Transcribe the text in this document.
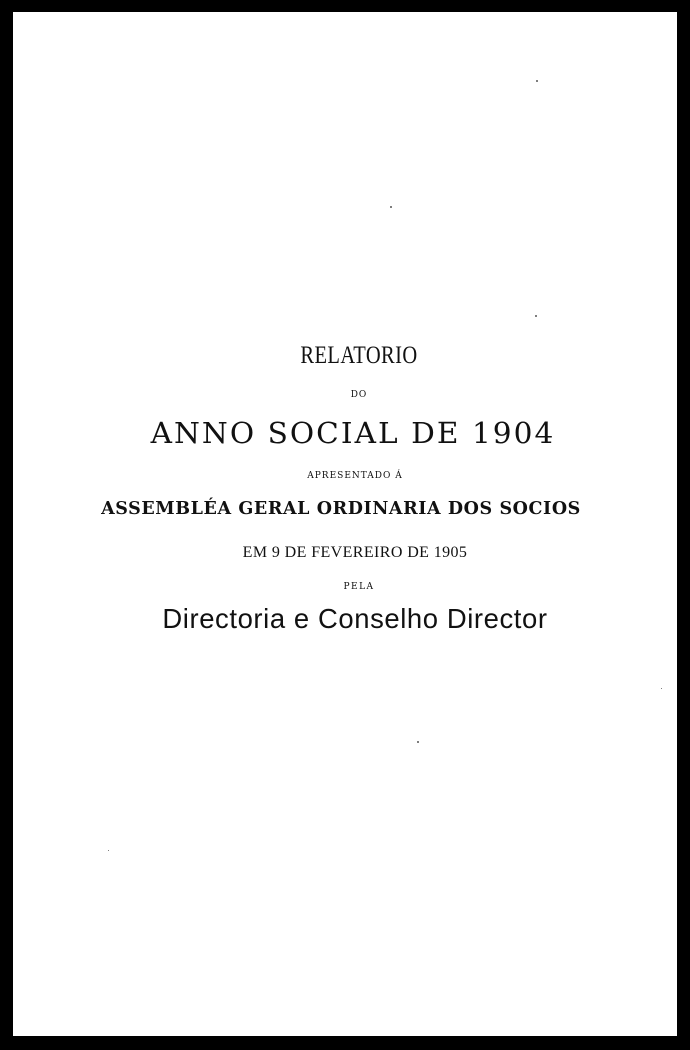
RELATORIO
DO
ANNO SOCIAL DE 1904
APRESENTADO Á
ASSEMBLÉA GERAL ORDINARIA DOS SOCIOS
EM 9 DE FEVEREIRO DE 1905
PELA
Directoria e Conselho Director
